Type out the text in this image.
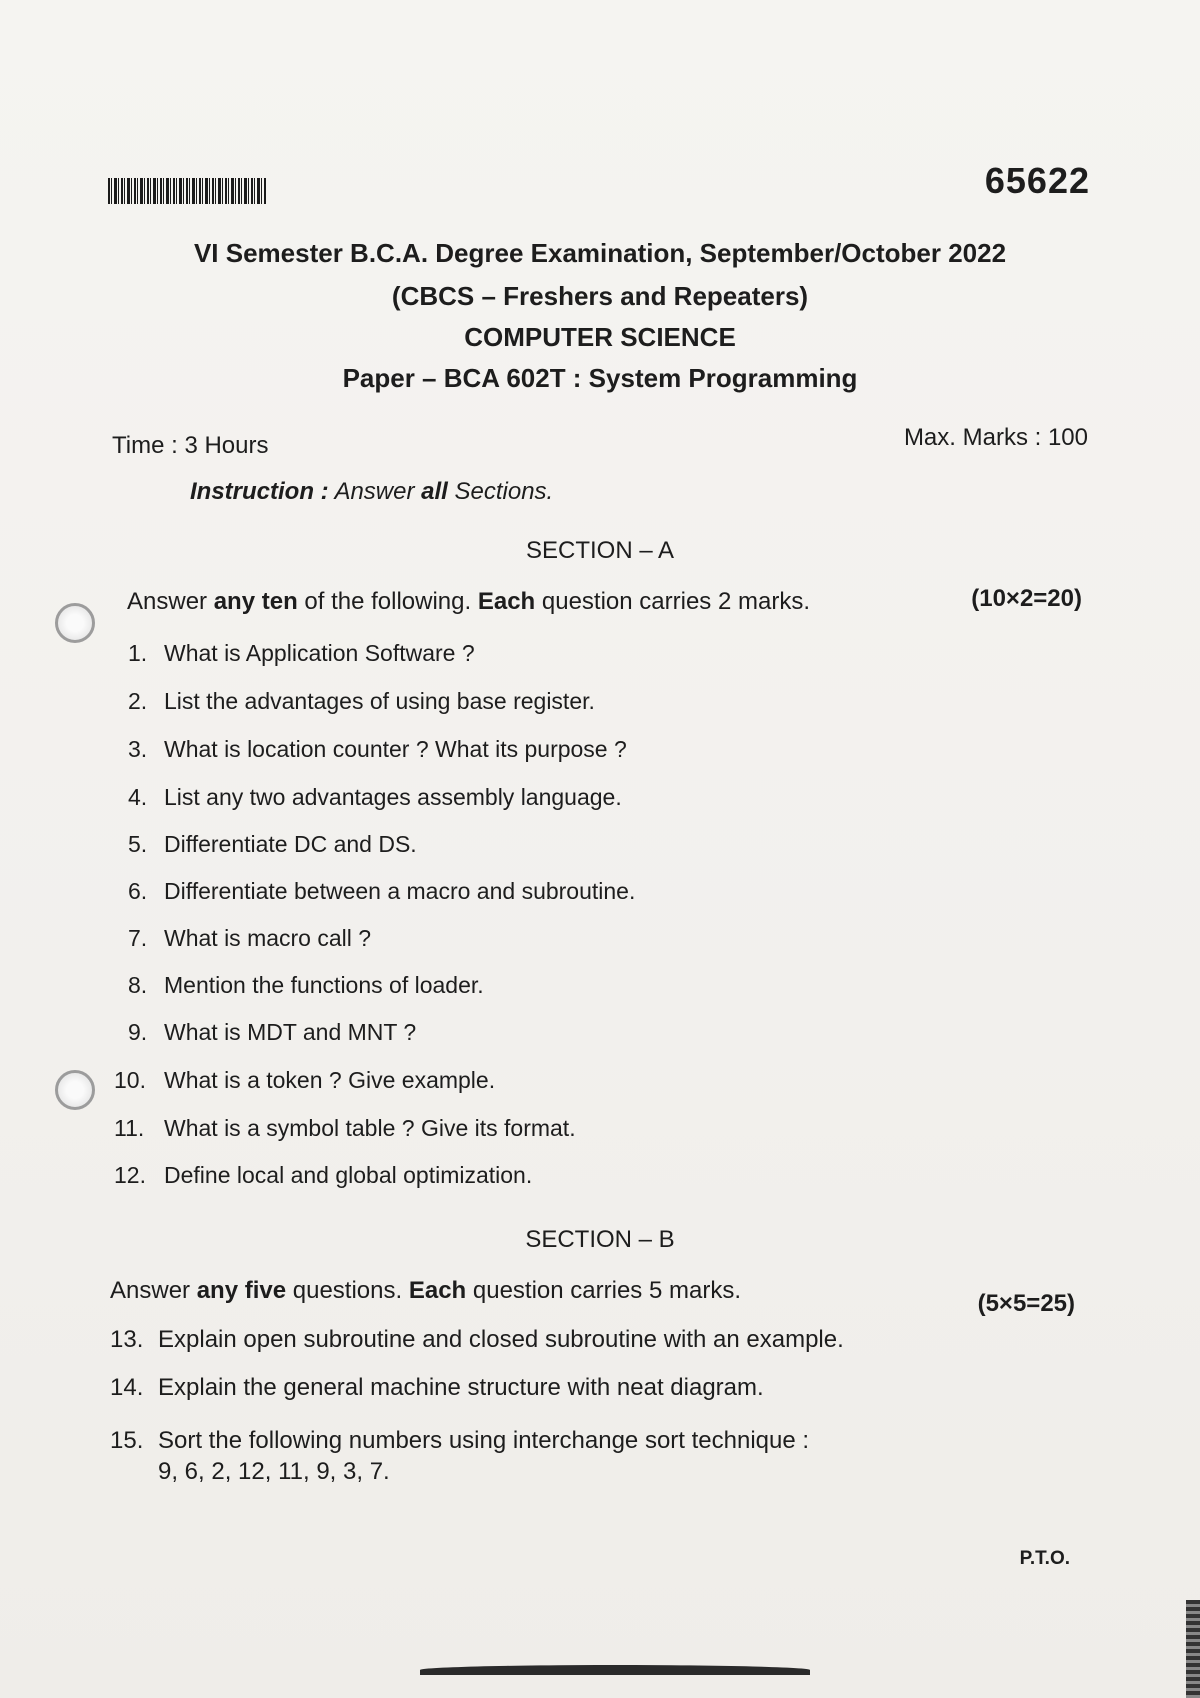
65622
VI Semester B.C.A. Degree Examination, September/October 2022
(CBCS – Freshers and Repeaters)
COMPUTER SCIENCE
Paper – BCA 602T : System Programming
Time : 3 Hours	Max. Marks : 100
Instruction : Answer all Sections.
SECTION – A
Answer any ten of the following. Each question carries 2 marks.	(10×2=20)
1. What is Application Software ?
2. List the advantages of using base register.
3. What is location counter ? What its purpose ?
4. List any two advantages assembly language.
5. Differentiate DC and DS.
6. Differentiate between a macro and subroutine.
7. What is macro call ?
8. Mention the functions of loader.
9. What is MDT and MNT ?
10. What is a token ? Give example.
11. What is a symbol table ? Give its format.
12. Define local and global optimization.
SECTION – B
Answer any five questions. Each question carries 5 marks.	(5×5=25)
13. Explain open subroutine and closed subroutine with an example.
14. Explain the general machine structure with neat diagram.
15. Sort the following numbers using interchange sort technique :
9, 6, 2, 12, 11, 9, 3, 7.
P.T.O.
